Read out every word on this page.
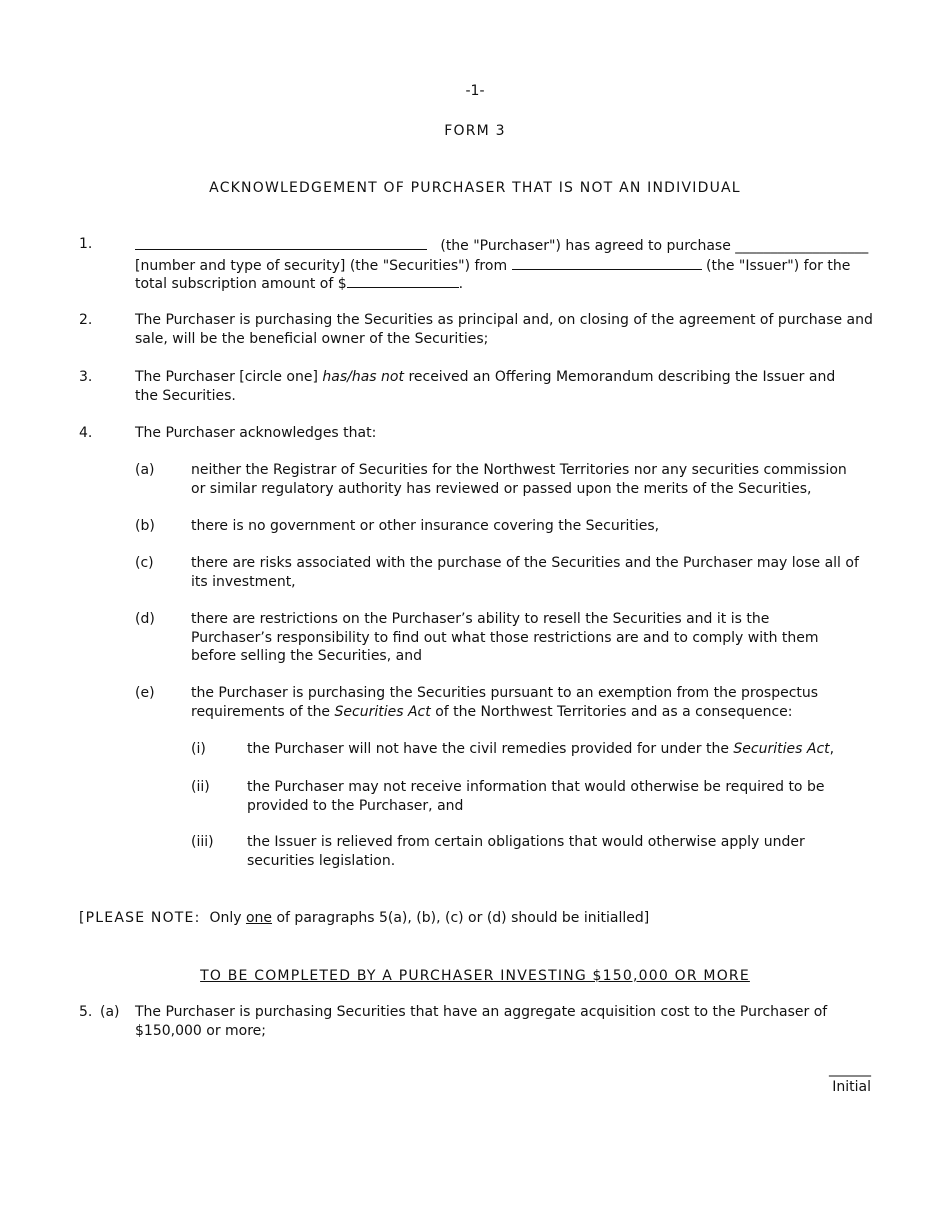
-1-
FORM 3
ACKNOWLEDGEMENT OF PURCHASER THAT IS NOT AN INDIVIDUAL
1.	(the "Purchaser") has agreed to purchase ___________________
[number and type of security] (the "Securities") from	(the "Issuer") for the
total subscription amount of $	.
2.	The Purchaser is purchasing the Securities as principal and, on closing of the agreement of purchase and sale, will be the beneficial owner of the Securities;
3.	The Purchaser [circle one] has/has not received an Offering Memorandum describing the Issuer and the Securities.
4.	The Purchaser acknowledges that:
(a)	neither the Registrar of Securities for the Northwest Territories nor any securities commission or similar regulatory authority has reviewed or passed upon the merits of the Securities,
(b)	there is no government or other insurance covering the Securities,
(c)	there are risks associated with the purchase of the Securities and the Purchaser may lose all of its investment,
(d)	there are restrictions on the Purchaser’s ability to resell the Securities and it is the Purchaser’s responsibility to find out what those restrictions are and to comply with them before selling the Securities, and
(e)	the Purchaser is purchasing the Securities pursuant to an exemption from the prospectus requirements of the Securities Act of the Northwest Territories and as a consequence:
(i)	the Purchaser will not have the civil remedies provided for under the Securities Act,
(ii)	the Purchaser may not receive information that would otherwise be required to be provided to the Purchaser, and
(iii) the Issuer is relieved from certain obligations that would otherwise apply under securities legislation.
[PLEASE NOTE: Only one of paragraphs 5(a), (b), (c) or (d) should be initialled]
TO BE COMPLETED BY A PURCHASER INVESTING $150,000 OR MORE
5. (a) The Purchaser is purchasing Securities that have an aggregate acquisition cost to the Purchaser of $150,000 or more;
______
Initial
